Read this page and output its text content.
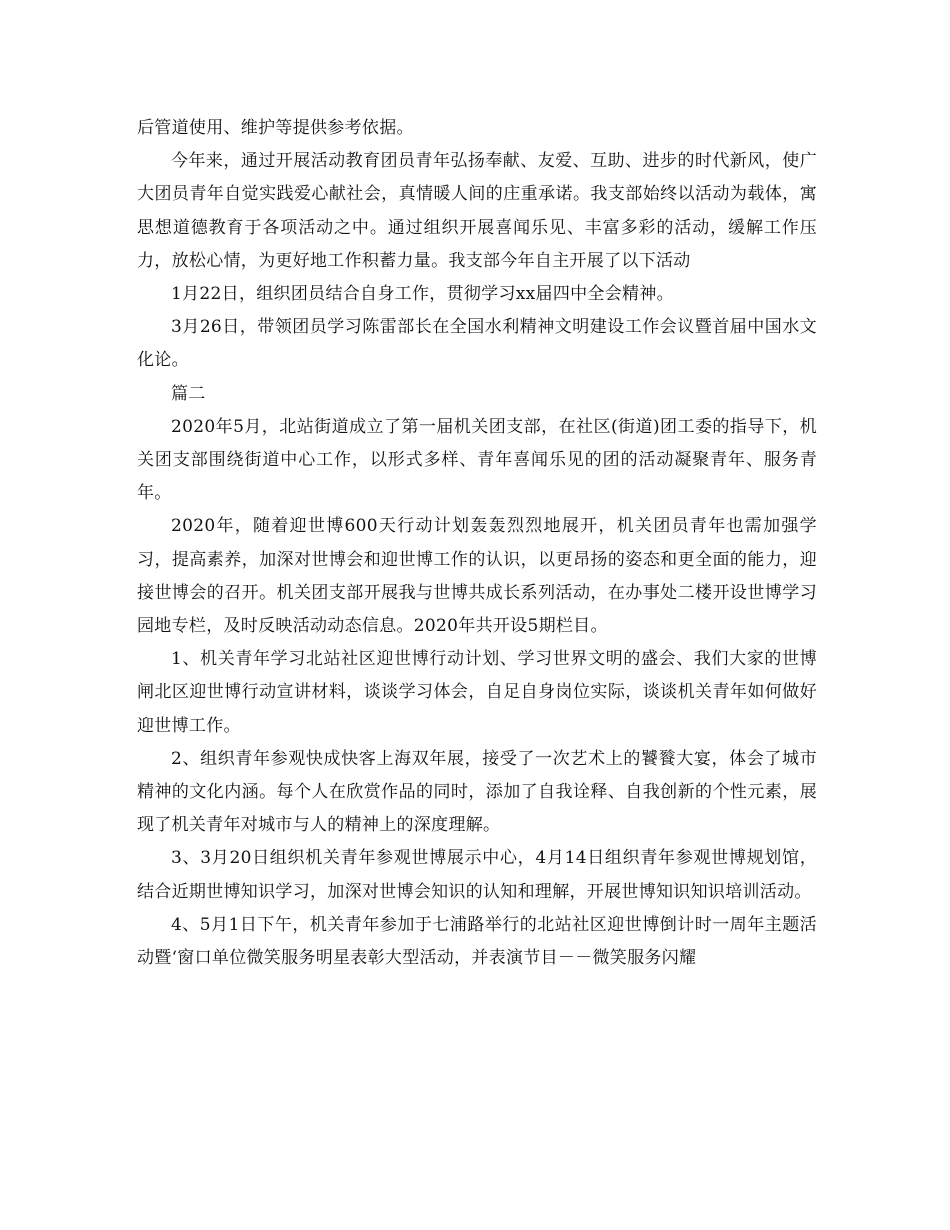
后管道使用、维护等提供参考依据。

今年来，通过开展活动教育团员青年弘扬奉献、友爱、互助、进步的时代新风，使广大团员青年自觉实践爱心献社会，真情暖人间的庄重承诺。我支部始终以活动为载体，寓思想道德教育于各项活动之中。通过组织开展喜闻乐见、丰富多彩的活动，缓解工作压力，放松心情，为更好地工作积蓄力量。我支部今年自主开展了以下活动

1月22日，组织团员结合自身工作，贯彻学习xx届四中全会精神。

3月26日，带领团员学习陈雷部长在全国水利精神文明建设工作会议暨首届中国水文化论。

篇二

2020年5月，北站街道成立了第一届机关团支部，在社区(街道)团工委的指导下，机关团支部围绕街道中心工作，以形式多样、青年喜闻乐见的团的活动凝聚青年、服务青年。

2020年，随着迎世博600天行动计划轰轰烈烈地展开，机关团员青年也需加强学习，提高素养，加深对世博会和迎世博工作的认识，以更昂扬的姿态和更全面的能力，迎接世博会的召开。机关团支部开展我与世博共成长系列活动，在办事处二楼开设世博学习园地专栏，及时反映活动动态信息。2020年共开设5期栏目。

1、机关青年学习北站社区迎世博行动计划、学习世界文明的盛会、我们大家的世博闸北区迎世博行动宣讲材料，谈谈学习体会，自足自身岗位实际，谈谈机关青年如何做好迎世博工作。

2、组织青年参观快成快客上海双年展，接受了一次艺术上的饕餮大宴，体会了城市精神的文化内涵。每个人在欣赏作品的同时，添加了自我诠释、自我创新的个性元素，展现了机关青年对城市与人的精神上的深度理解。

3、3月20日组织机关青年参观世博展示中心，4月14日组织青年参观世博规划馆，结合近期世博知识学习，加深对世博会知识的认知和理解，开展世博知识知识培训活动。

4、5月1日下午，机关青年参加于七浦路举行的北站社区迎世博倒计时一周年主题活动暨‘窗口单位微笑服务明星表彰大型活动，并表演节目－－微笑服务闪耀
